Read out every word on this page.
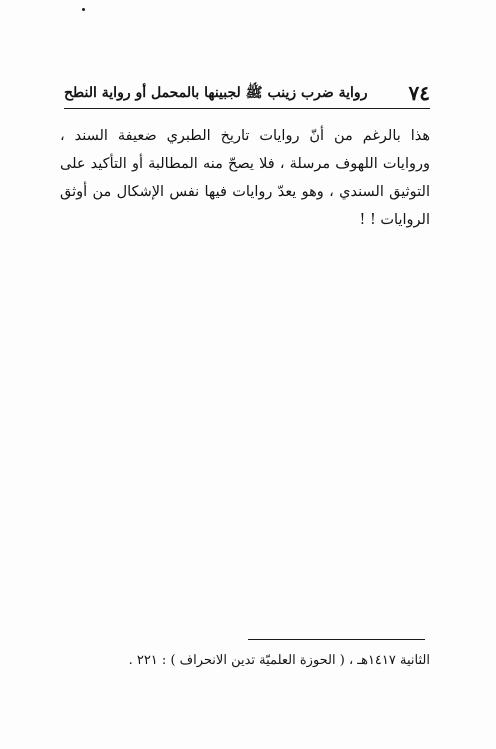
٧٤
رواية ضرب زينب ﷺ لجبينها بالمحمل أو رواية النطح

هذا بالرغم من أنّ روايات تاريخ الطبري ضعيفة السند ، وروايات اللهوف مرسلة ، فلا يصحّ منه المطالبة أو التأكيد على التوثيق السندي ، وهو يعدّ روايات فيها نفس الإشكال من أوثق الروايات ! !

الثانية ١٤١٧هـ ، ( الحوزة العلميّة تدين الانحراف ) : ٢٢١ .
